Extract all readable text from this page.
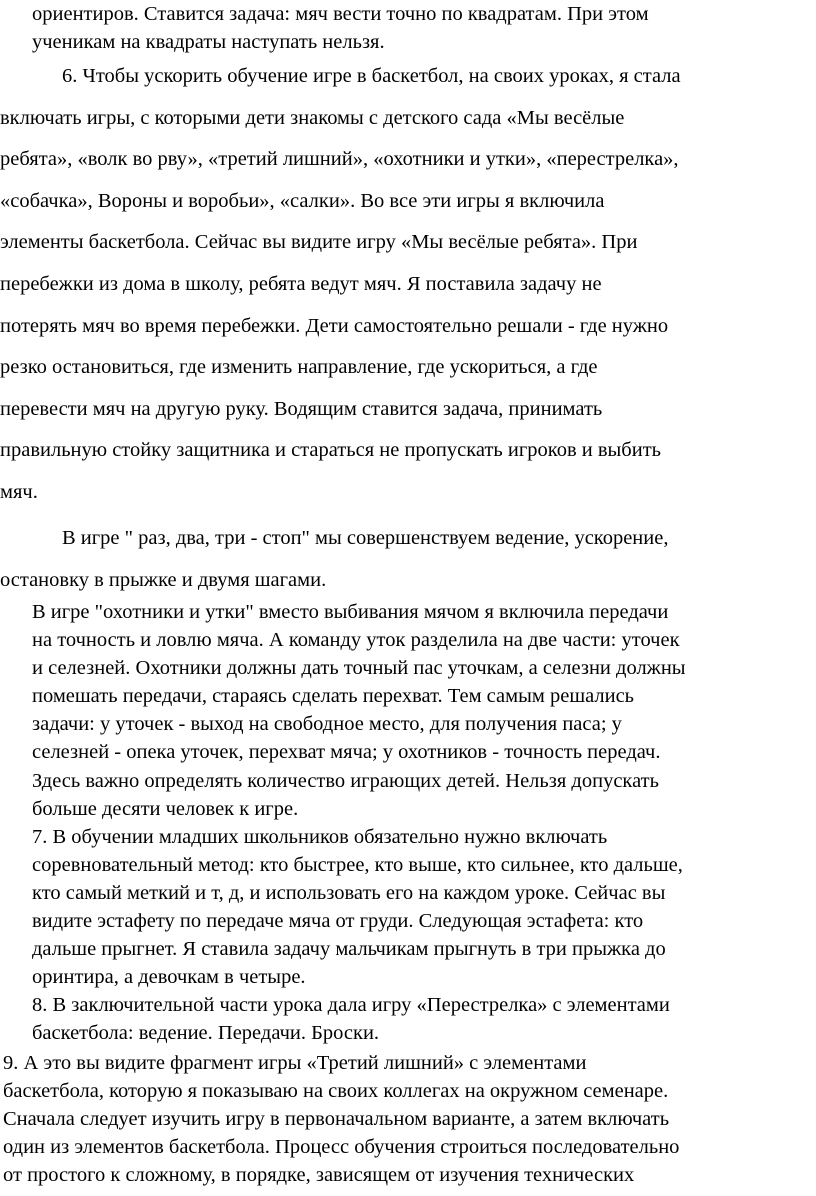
ориентиров. Ставится задача: мяч вести точно по квадратам. При этом
ученикам на квадраты наступать нельзя.
6. Чтобы ускорить обучение игре в баскетбол, на своих уроках, я стала
включать игры, с которыми дети знакомы с детского сада «Мы весёлые
ребята», «волк во рву», «третий лишний», «охотники и утки», «перестрелка»,
«собачка», Вороны и воробьи», «салки». Во все эти игры я включила
элементы баскетбола. Сейчас вы видите игру «Мы весёлые ребята». При
перебежки из дома в школу, ребята ведут мяч. Я поставила задачу не
потерять мяч во время перебежки. Дети самостоятельно решали - где нужно
резко остановиться, где изменить направление, где ускориться, а где
перевести мяч на другую руку. Водящим ставится задача, принимать
правильную стойку защитника и стараться не пропускать игроков и выбить
мяч.
В игре " раз, два, три - стоп" мы совершенствуем ведение, ускорение,
остановку в прыжке и двумя шагами.
В игре "охотники и утки" вместо выбивания мячом я включила передачи
на точность и ловлю мяча. А команду уток разделила на две части: уточек
и селезней. Охотники должны дать точный пас уточкам, а селезни должны
помешать передачи, стараясь сделать перехват. Тем самым решались
задачи: у уточек - выход на свободное место, для получения паса; у
селезней - опека уточек, перехват мяча; у охотников - точность передач.
Здесь важно определять количество играющих детей. Нельзя допускать
больше десяти человек к игре.
7. В обучении младших школьников обязательно нужно включать
соревновательный метод: кто быстрее, кто выше, кто сильнее, кто дальше,
кто самый меткий и т, д, и использовать его на каждом уроке. Сейчас вы
видите эстафету по передаче мяча от груди. Следующая эстафета: кто
дальше прыгнет. Я ставила задачу мальчикам прыгнуть в три прыжка до
оринтира, а девочкам в четыре.
8. В заключительной части урока дала игру «Перестрелка» с элементами
баскетбола: ведение. Передачи. Броски.
9. А это вы видите фрагмент игры «Третий лишний» с элементами
баскетбола, которую я показываю на своих коллегах на окружном семенаре.
Сначала следует изучить игру в первоначальном варианте, а затем включать
один из элементов баскетбола. Процесс обучения строиться последовательно
от простого к сложному, в порядке, зависящем от изучения технических
